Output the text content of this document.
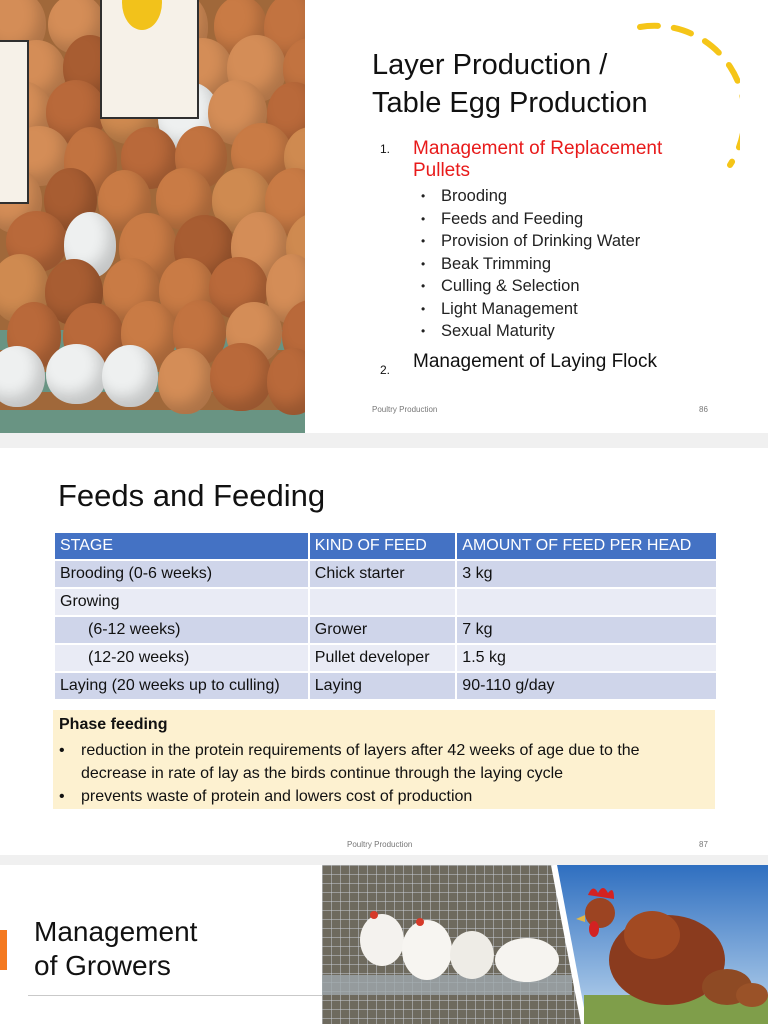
Layer Production /
Table Egg Production
1. Management of Replacement Pullets
• Brooding
• Feeds and Feeding
• Provision of Drinking Water
• Beak Trimming
• Culling & Selection
• Light Management
• Sexual Maturity
2. Management of Laying Flock
Poultry Production	86
Feeds and Feeding
STAGE	KIND OF FEED	AMOUNT OF FEED PER HEAD
Brooding (0-6 weeks)	Chick starter	3 kg
Growing		
(6-12 weeks)	Grower	7 kg
(12-20 weeks)	Pullet developer	1.5 kg
Laying (20 weeks up to culling)	Laying	90-110 g/day
Phase feeding
• reduction in the protein requirements of layers after 42 weeks of age due to the decrease in rate of lay as the birds continue through the laying cycle
• prevents waste of protein and lowers cost of production
Poultry Production	87
Management
of Growers
